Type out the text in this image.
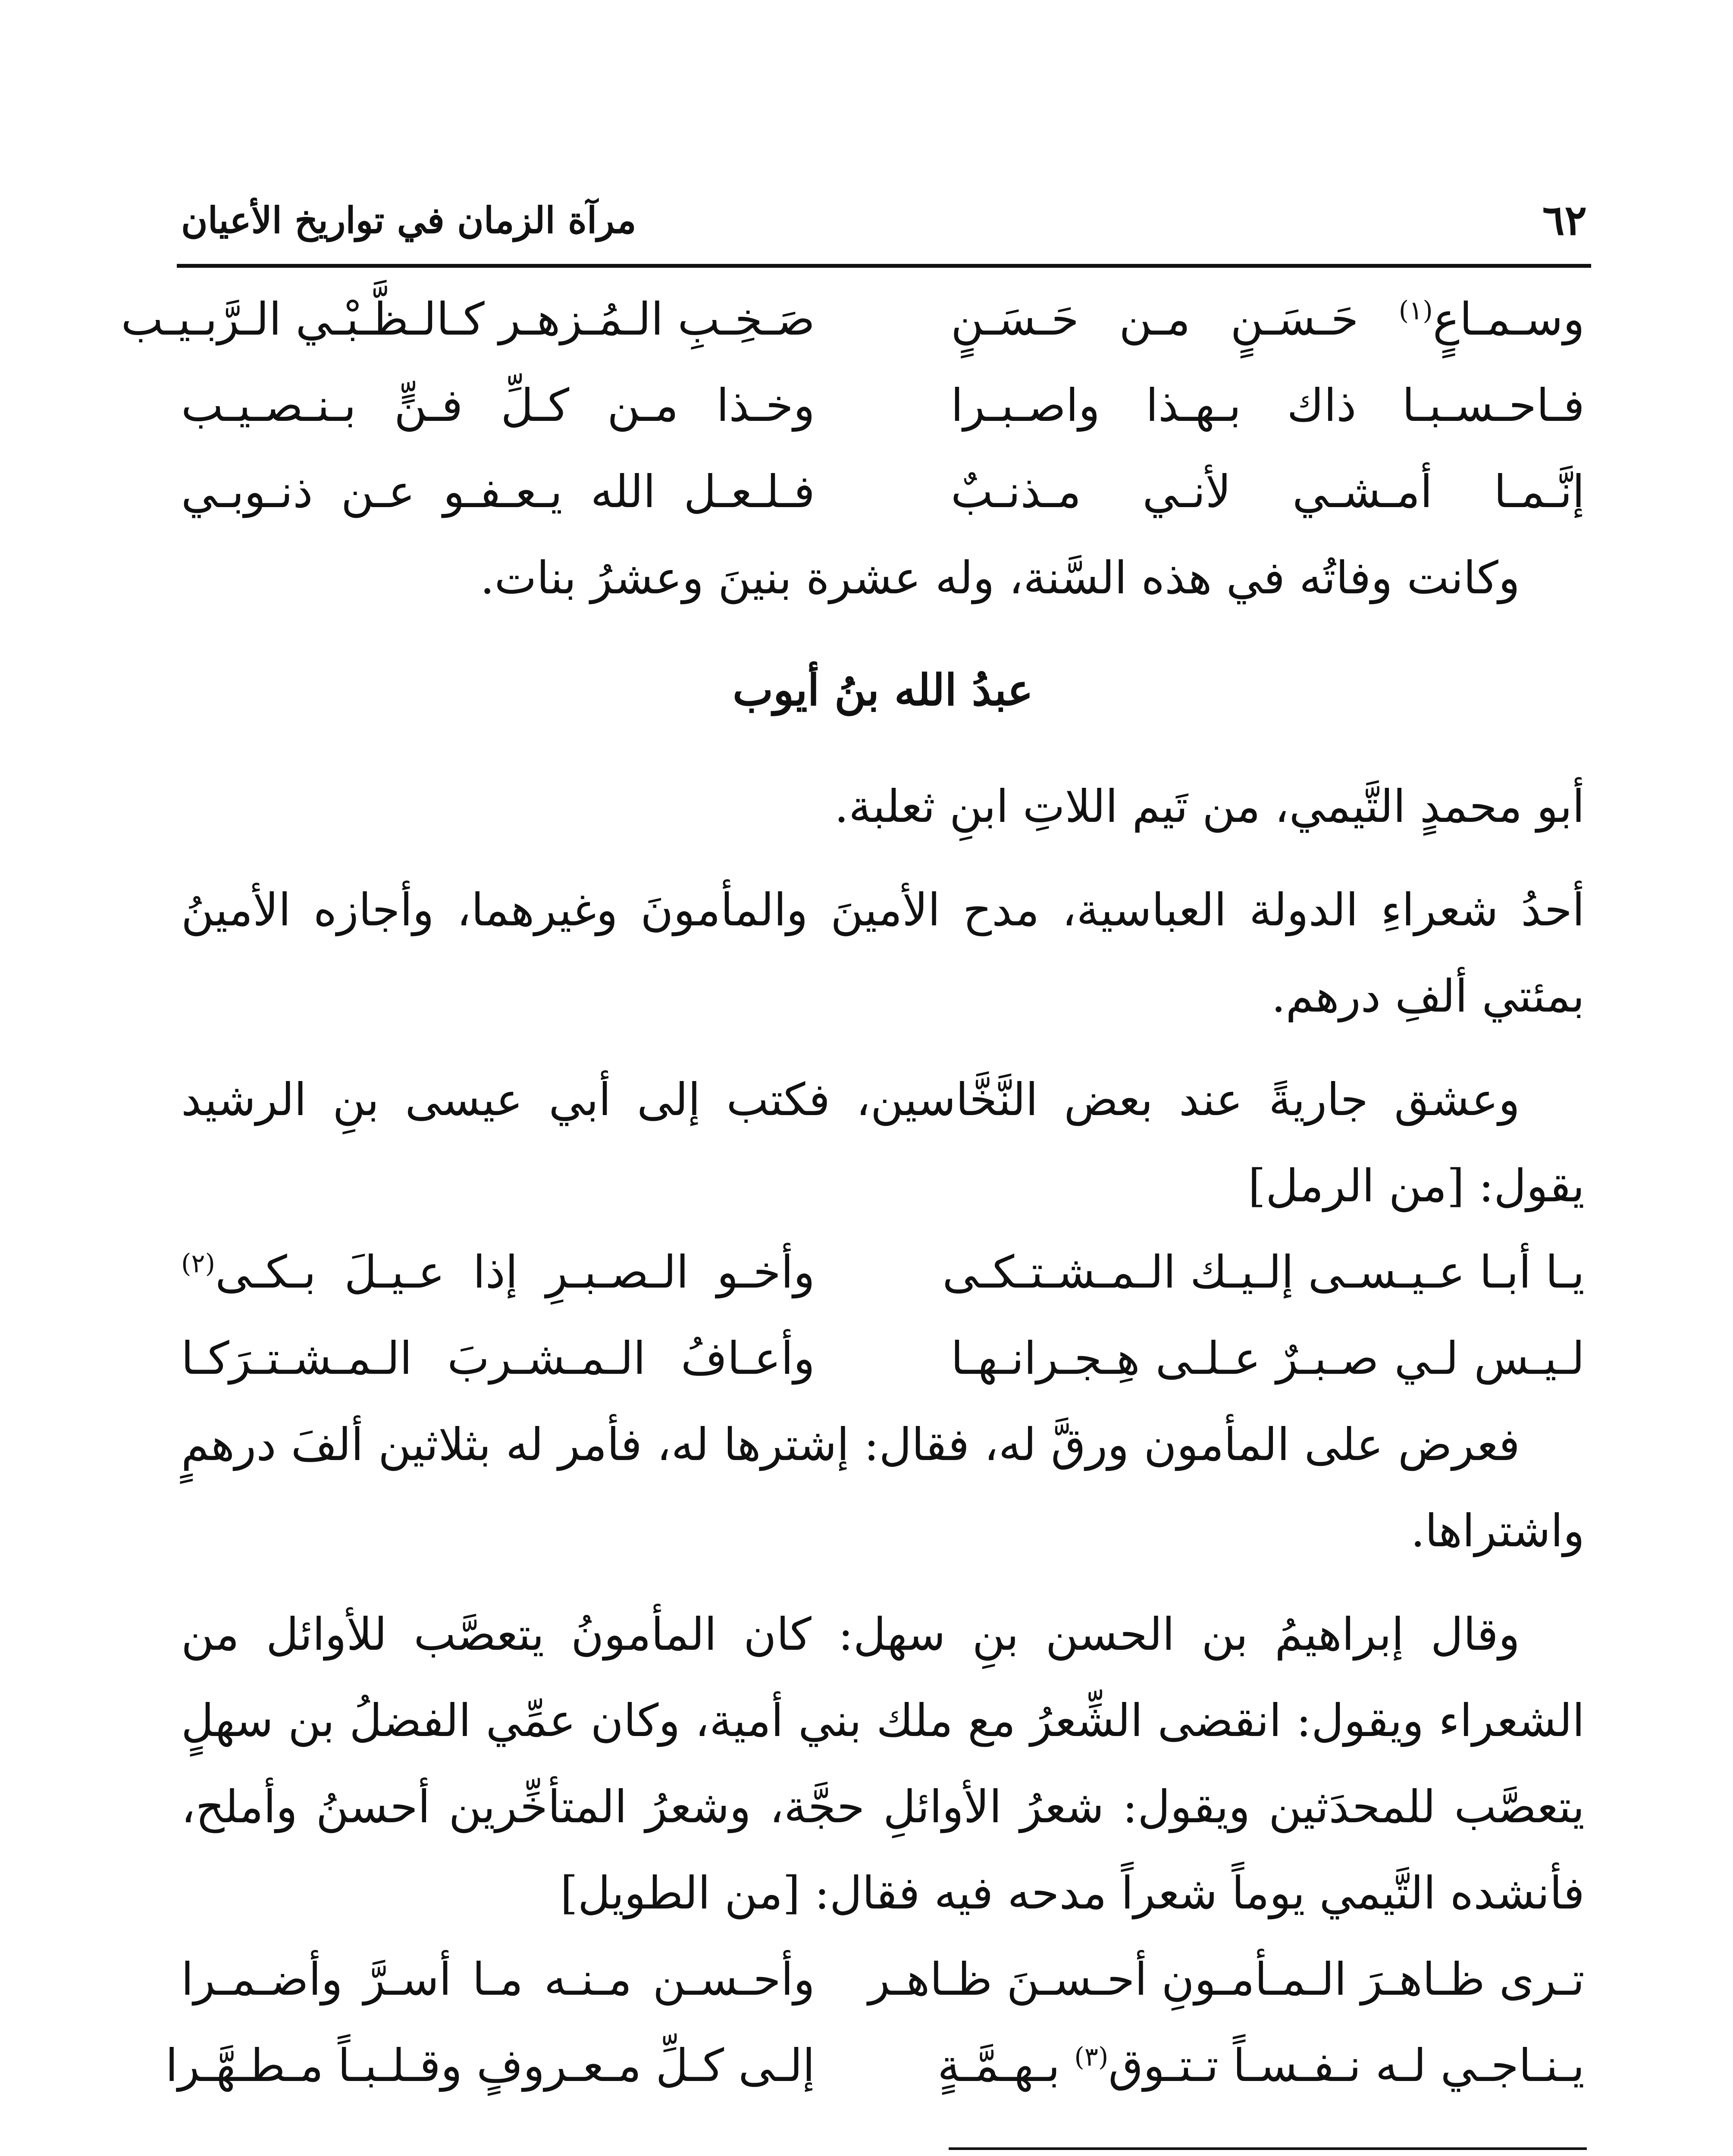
٦٢
مرآة الزمان في تواريخ الأعيان
وسـمـاعٍ$^{(١)}$ حَـسَـنٍ مـن حَـسَـنٍ
صَـخِـبِ الـمُـزهـر كـالـظَّـبْـي الـرَّبـيـب
فـاحـسـبـا ذاك بـهـذا واصـبـرا
وخـذا مـن كـلِّ فـنٍّ بـنـصـيـب
إنَّـمـا أمـشـي لأنـي مـذنـبٌ
فـلـعـل الله يـعـفـو عـن ذنـوبـي

وكانت وفاتُه في هذه السَّنة، وله عشرة بنينَ وعشرُ بنات.

عبدُ الله بنُ أيوب

أبو محمدٍ التَّيمي، من تَيم اللاتِ ابنِ ثعلبة.

أحدُ شعراءِ الدولة العباسية، مدح الأمينَ والمأمونَ وغيرهما، وأجازه الأمينُ بمئتي ألفِ درهم.

وعشق جاريةً عند بعض النَّخَّاسين، فكتب إلى أبي عيسى بنِ الرشيد يقول: [من الرمل]

يـا أبـا عـيـسـى إلـيـك الـمـشـتـكـى
وأخـو الـصـبـرِ إذا عـيـلَ بـكـى$^{(٢)}$
لـيـس لـي صـبـرٌ عـلـى هِـجـرانـهـا
وأعـافُ الـمـشـربَ الـمـشـتـرَكـا

فعرض على المأمون ورقَّ له، فقال: إشترها له، فأمر له بثلاثين ألفَ درهمٍ واشتراها.

وقال إبراهيمُ بن الحسن بنِ سهل: كان المأمونُ يتعصَّب للأوائل من الشعراء ويقول: انقضى الشِّعرُ مع ملك بني أمية، وكان عمِّي الفضلُ بن سهلٍ يتعصَّب للمحدَثين ويقول: شعرُ الأوائلِ حجَّة، وشعرُ المتأخِّرين أحسنُ وأملح، فأنشده التَّيمي يوماً شعراً مدحه فيه فقال: [من الطويل]

تـرى ظـاهـرَ الـمـأمـونِ أحـسـنَ ظـاهـر
وأحـسـن مـنـه مـا أسـرَّ وأضـمـرا
يـنـاجـي لـه نـفـسـاً تـتـوق$^{(٣)}$ بـهـمَّـةٍ
إلـى كـلِّ مـعـروفٍ وقـلـبـاً مـطـهَّـرا
